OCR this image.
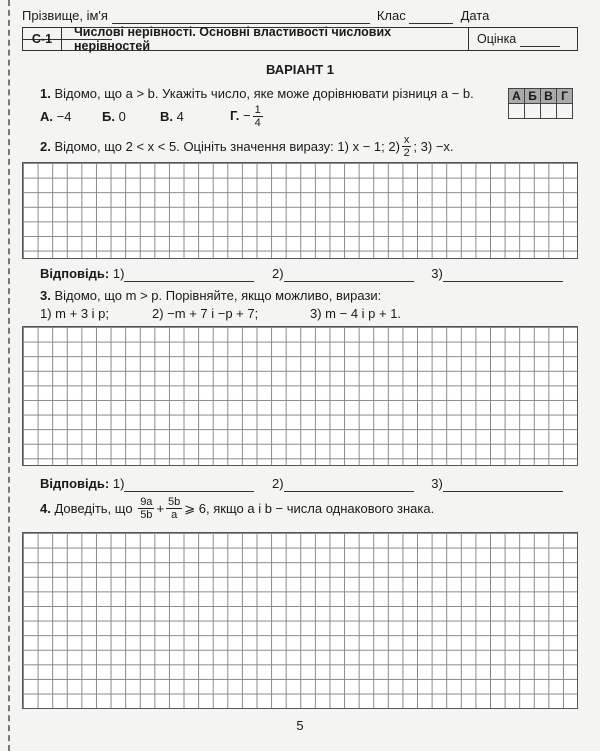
Прізвище, ім'я	Клас	Дата
С-1	Числові нерівності. Основні властивості числових нерівностей	Оцінка

ВАРІАНТ 1
1. Відомо, що a > b. Укажіть число, яке може дорівнювати різниця a − b.
А. −4	Б. 0	В. 4	Г. − $\frac{1}{4}$
А	Б	В	Г

2.
Відомо, що 2 < x < 5. Оцініть значення виразу: 1) x − 1; $2) \frac{x}{2}$ ; 3) −x.
Відповідь: 1)	2)	3)
3. Відомо, що m > p. Порівняйте, якщо можливо, вирази:
1) m + 3 і p;	2) −m + 7 і −p + 7;	3) m − 4 і p + 1.
Відповідь: 1)	2)	3)
4.
Доведіть, що
$\frac{9a}{5b} + \frac{5b}{a}$ ⩾ 6, якщо a і b − числа однакового знака.
5
